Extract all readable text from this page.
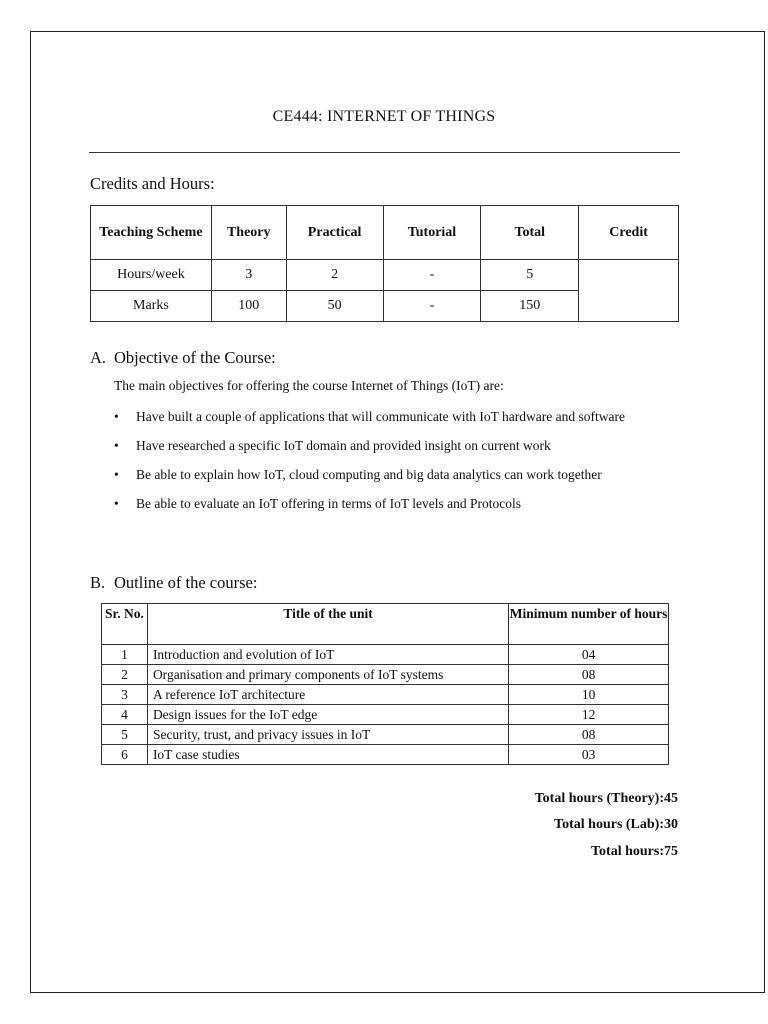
CE444: INTERNET OF THINGS
Credits and Hours:
Teaching Scheme	Theory	Practical	Tutorial	Total	Credit
Hours/week	3	2	-	5	
Marks	100	50	-	150	
A. Objective of the Course:
The main objectives for offering the course Internet of Things (IoT) are:
• Have built a couple of applications that will communicate with IoT hardware and software
• Have researched a specific IoT domain and provided insight on current work
• Be able to explain how IoT, cloud computing and big data analytics can work together
• Be able to evaluate an IoT offering in terms of IoT levels and Protocols
B. Outline of the course:
Sr. No.	Title of the unit	Minimum number of hours
1	Introduction and evolution of IoT	04
2	Organisation and primary components of IoT systems	08
3	A reference IoT architecture	10
4	Design issues for the IoT edge	12
5	Security, trust, and privacy issues in IoT	08
6	IoT case studies	03
Total hours (Theory):45
Total hours (Lab):30
Total hours:75
